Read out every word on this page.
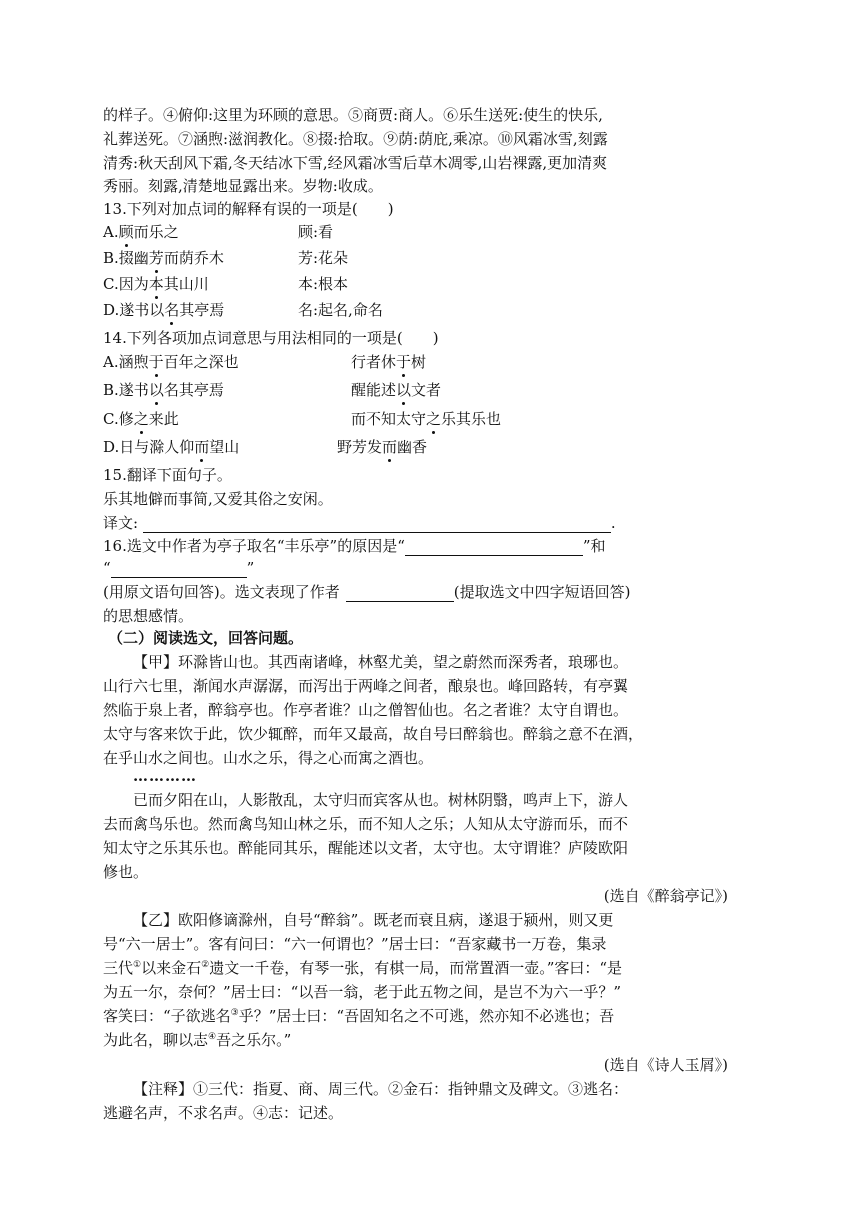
的样子。④俯仰:这里为环顾的意思。⑤商贾:商人。⑥乐生送死:使生的快乐,
礼葬送死。⑦涵煦:滋润教化。⑧掇:拾取。⑨荫:荫庇,乘凉。⑩风霜冰雪,刻露
清秀:秋天刮风下霜,冬天结冰下雪,经风霜冰雪后草木凋零,山岩裸露,更加清爽
秀丽。刻露,清楚地显露出来。岁物:收成。
13.下列对加点词的解释有误的一项是(　　)
A.顾而乐之	顾:看
B.掇幽芳而荫乔木	芳:花朵
C.因为本其山川	本:根本
D.遂书以名其亭焉	名:起名,命名
14.下列各项加点词意思与用法相同的一项是(　　)
A.涵煦于百年之深也	行者休于树
B.遂书以名其亭焉	醒能述以文者
C.修之来此	而不知太守之乐其乐也
D.日与滁人仰而望山	野芳发而幽香
15.翻译下面句子。
乐其地僻而事简,又爱其俗之安闲。
译文:	.
16.选文中作者为亭子取名“丰乐亭”的原因是“	”和
“	”
(用原文语句回答)。选文表现了作者	(提取选文中四字短语回答)
的思想感情。
（二）阅读选文，回答问题。
【甲】环滁皆山也。其西南诸峰，林壑尤美，望之蔚然而深秀者，琅琊也。
山行六七里，渐闻水声潺潺，而泻出于两峰之间者，酿泉也。峰回路转，有亭翼
然临于泉上者，醉翁亭也。作亭者谁？山之僧智仙也。名之者谁？太守自谓也。
太守与客来饮于此，饮少辄醉，而年又最高，故自号曰醉翁也。醉翁之意不在酒，
在乎山水之间也。山水之乐，得之心而寓之酒也。
…………
已而夕阳在山，人影散乱，太守归而宾客从也。树林阴翳，鸣声上下，游人
去而禽鸟乐也。然而禽鸟知山林之乐，而不知人之乐；人知从太守游而乐，而不
知太守之乐其乐也。醉能同其乐，醒能述以文者，太守也。太守谓谁？庐陵欧阳
修也。
(选自《醉翁亭记》)
【乙】欧阳修谪滁州，自号“醉翁”。既老而衰且病，遂退于颍州，则又更
号“六一居士”。客有问曰：“六一何谓也？”居士曰：“吾家藏书一万卷，集录
三代①以来金石②遗文一千卷，有琴一张，有棋一局，而常置酒一壶。”客曰：“是
为五一尔，奈何？”居士曰：“以吾一翁，老于此五物之间，是岂不为六一乎？”
客笑曰：“子欲逃名③乎？”居士曰：“吾固知名之不可逃，然亦知不必逃也；吾
为此名，聊以志④吾之乐尔。”
(选自《诗人玉屑》)
【注释】①三代：指夏、商、周三代。②金石：指钟鼎文及碑文。③逃名：
逃避名声，不求名声。④志：记述。
